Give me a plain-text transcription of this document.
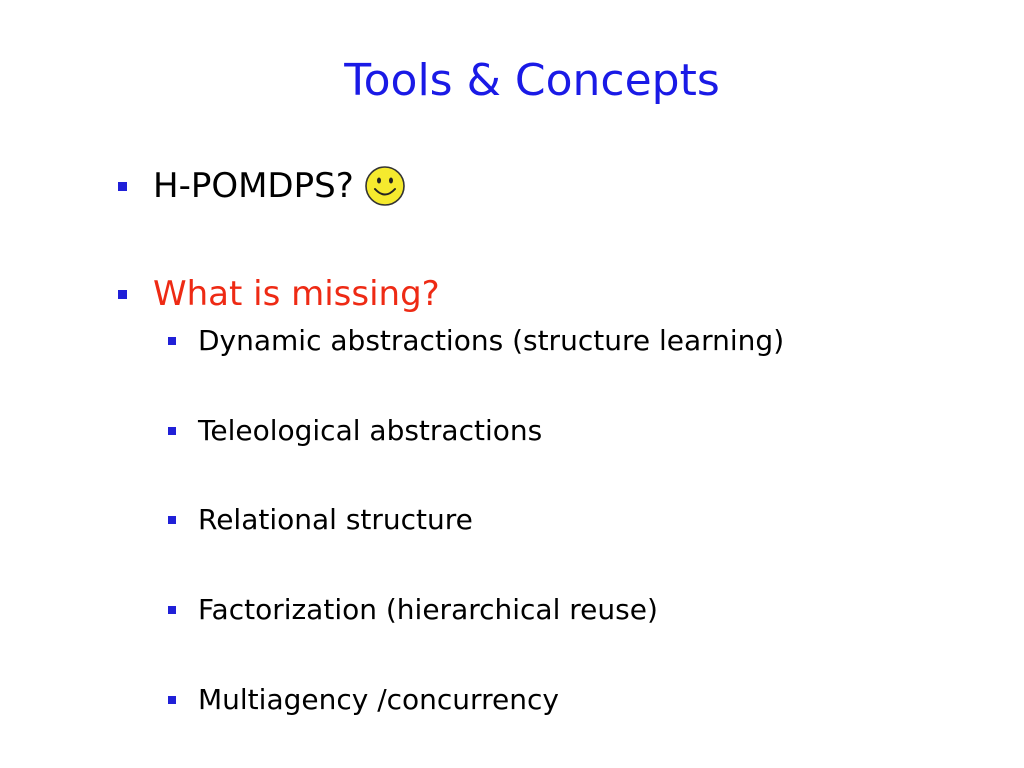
Tools & Concepts
H-POMDPS?
What is missing?
Dynamic abstractions (structure learning)
Teleological abstractions
Relational structure
Factorization (hierarchical reuse)
Multiagency /concurrency
